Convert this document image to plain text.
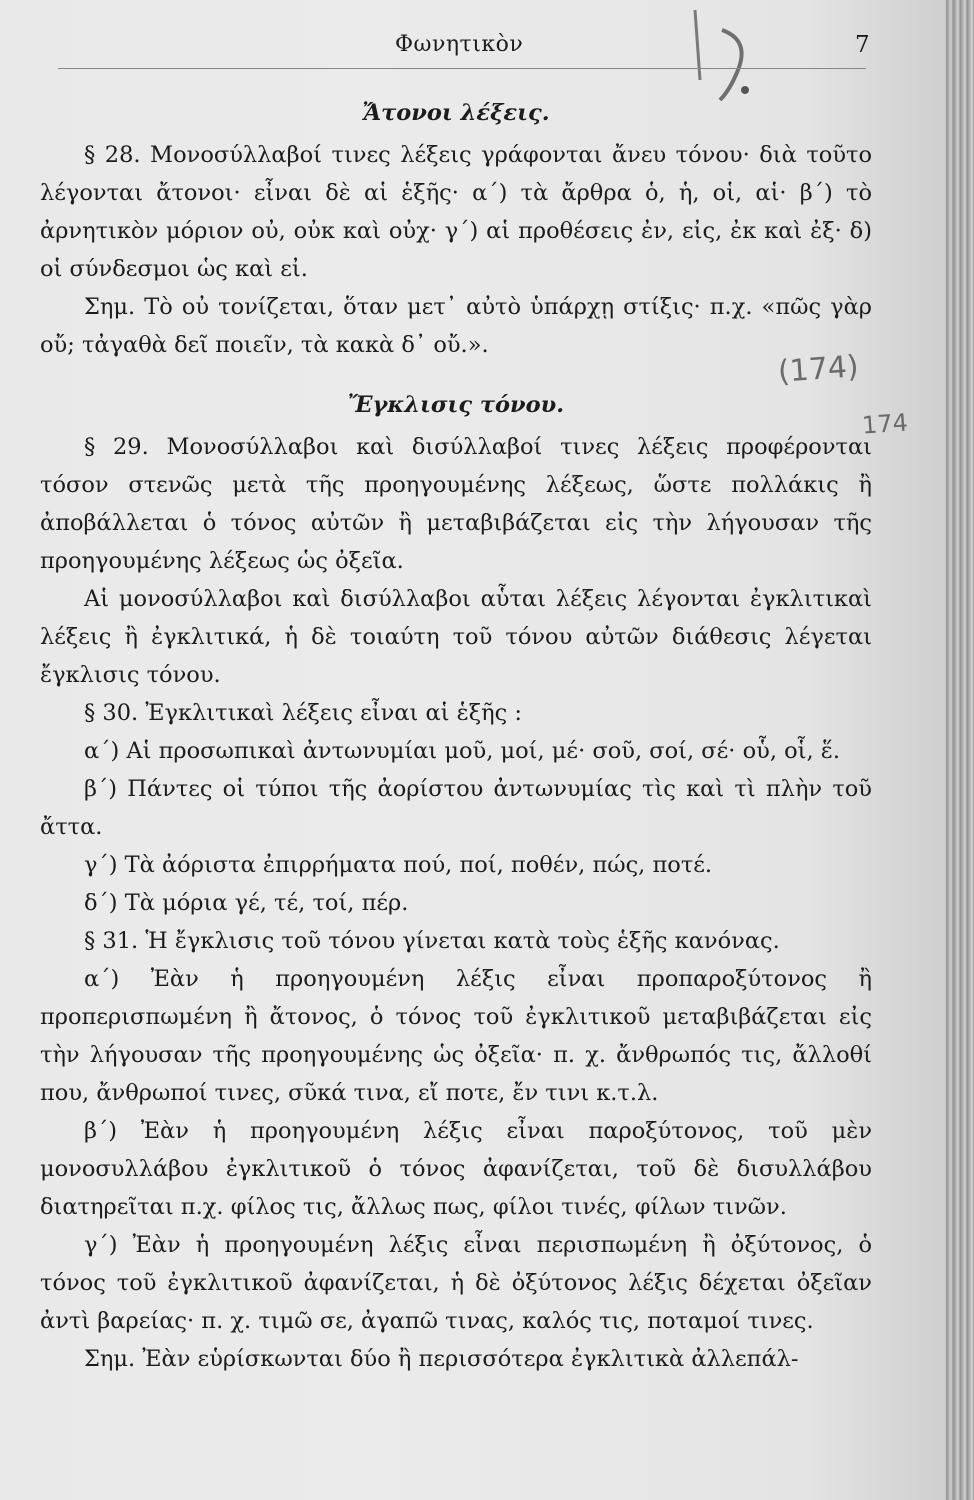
Φωνητικὸν	7
(174)
174
Ἄτονοι λέξεις.

§ 28. Μονοσύλλαβοί τινες λέξεις γράφονται ἄνευ τόνου· διὰ τοῦτο λέγονται ἄτονοι· εἶναι δὲ αἱ ἑξῆς· α΄) τὰ ἄρθρα ὁ, ἡ, οἱ, αἱ· β΄) τὸ ἀρνητικὸν μόριον οὐ, οὐκ καὶ οὐχ· γ΄) αἱ προθέσεις ἐν, εἰς, ἐκ καὶ ἐξ· δ) οἱ σύνδεσμοι ὡς καὶ εἰ.

Σημ. Τὸ οὐ τονίζεται, ὅταν μετ᾽ αὐτὸ ὑπάρχῃ στίξις· π.χ. «πῶς γὰρ οὔ; τἀγαθὰ δεῖ ποιεῖν, τὰ κακὰ δ᾽ οὔ.».

Ἔγκλισις τόνου.

§ 29. Μονοσύλλαβοι καὶ δισύλλαβοί τινες λέξεις προφέρονται τόσον στενῶς μετὰ τῆς προηγουμένης λέξεως, ὥστε πολλάκις ἢ ἀποβάλλεται ὁ τόνος αὐτῶν ἢ μεταβιβάζεται εἰς τὴν λήγουσαν τῆς προηγουμένης λέξεως ὡς ὀξεῖα.

Αἱ μονοσύλλαβοι καὶ δισύλλαβοι αὗται λέξεις λέγονται ἐγκλιτικαὶ λέξεις ἢ ἐγκλιτικά, ἡ δὲ τοιαύτη τοῦ τόνου αὐτῶν διάθεσις λέγεται ἔγκλισις τόνου.

§ 30. Ἐγκλιτικαὶ λέξεις εἶναι αἱ ἑξῆς :

α΄) Αἱ προσωπικαὶ ἀντωνυμίαι μοῦ, μοί, μέ· σοῦ, σοί, σέ· οὗ, οἷ, ἕ.

β΄) Πάντες οἱ τύποι τῆς ἀορίστου ἀντωνυμίας τὶς καὶ τὶ πλὴν τοῦ ἄττα.

γ΄) Τὰ ἀόριστα ἐπιρρήματα πού, ποί, ποθέν, πώς, ποτέ.

δ΄) Τὰ μόρια γέ, τέ, τοί, πέρ.

§ 31. Ἡ ἔγκλισις τοῦ τόνου γίνεται κατὰ τοὺς ἑξῆς κανόνας.

α΄) Ἐὰν ἡ προηγουμένη λέξις εἶναι προπαροξύτονος ἢ προπερισπωμένη ἢ ἄτονος, ὁ τόνος τοῦ ἐγκλιτικοῦ μεταβιβάζεται εἰς τὴν λήγουσαν τῆς προηγουμένης ὡς ὀξεῖα· π. χ. ἄνθρωπός τις, ἄλλοθί που, ἄνθρωποί τινες, σῦκά τινα, εἴ ποτε, ἔν τινι κ.τ.λ.

β΄) Ἐὰν ἡ προηγουμένη λέξις εἶναι παροξύτονος, τοῦ μὲν μονοσυλλάβου ἐγκλιτικοῦ ὁ τόνος ἀφανίζεται, τοῦ δὲ δισυλλάβου διατηρεῖται π.χ. φίλος τις, ἄλλως πως, φίλοι τινές, φίλων τινῶν.

γ΄) Ἐὰν ἡ προηγουμένη λέξις εἶναι περισπωμένη ἢ ὀξύτονος, ὁ τόνος τοῦ ἐγκλιτικοῦ ἀφανίζεται, ἡ δὲ ὀξύτονος λέξις δέχεται ὀξεῖαν ἀντὶ βαρείας· π. χ. τιμῶ σε, ἀγαπῶ τινας, καλός τις, ποταμοί τινες.

Σημ. Ἐὰν εὑρίσκωνται δύο ἢ περισσότερα ἐγκλιτικὰ ἀλλεπάλ-
